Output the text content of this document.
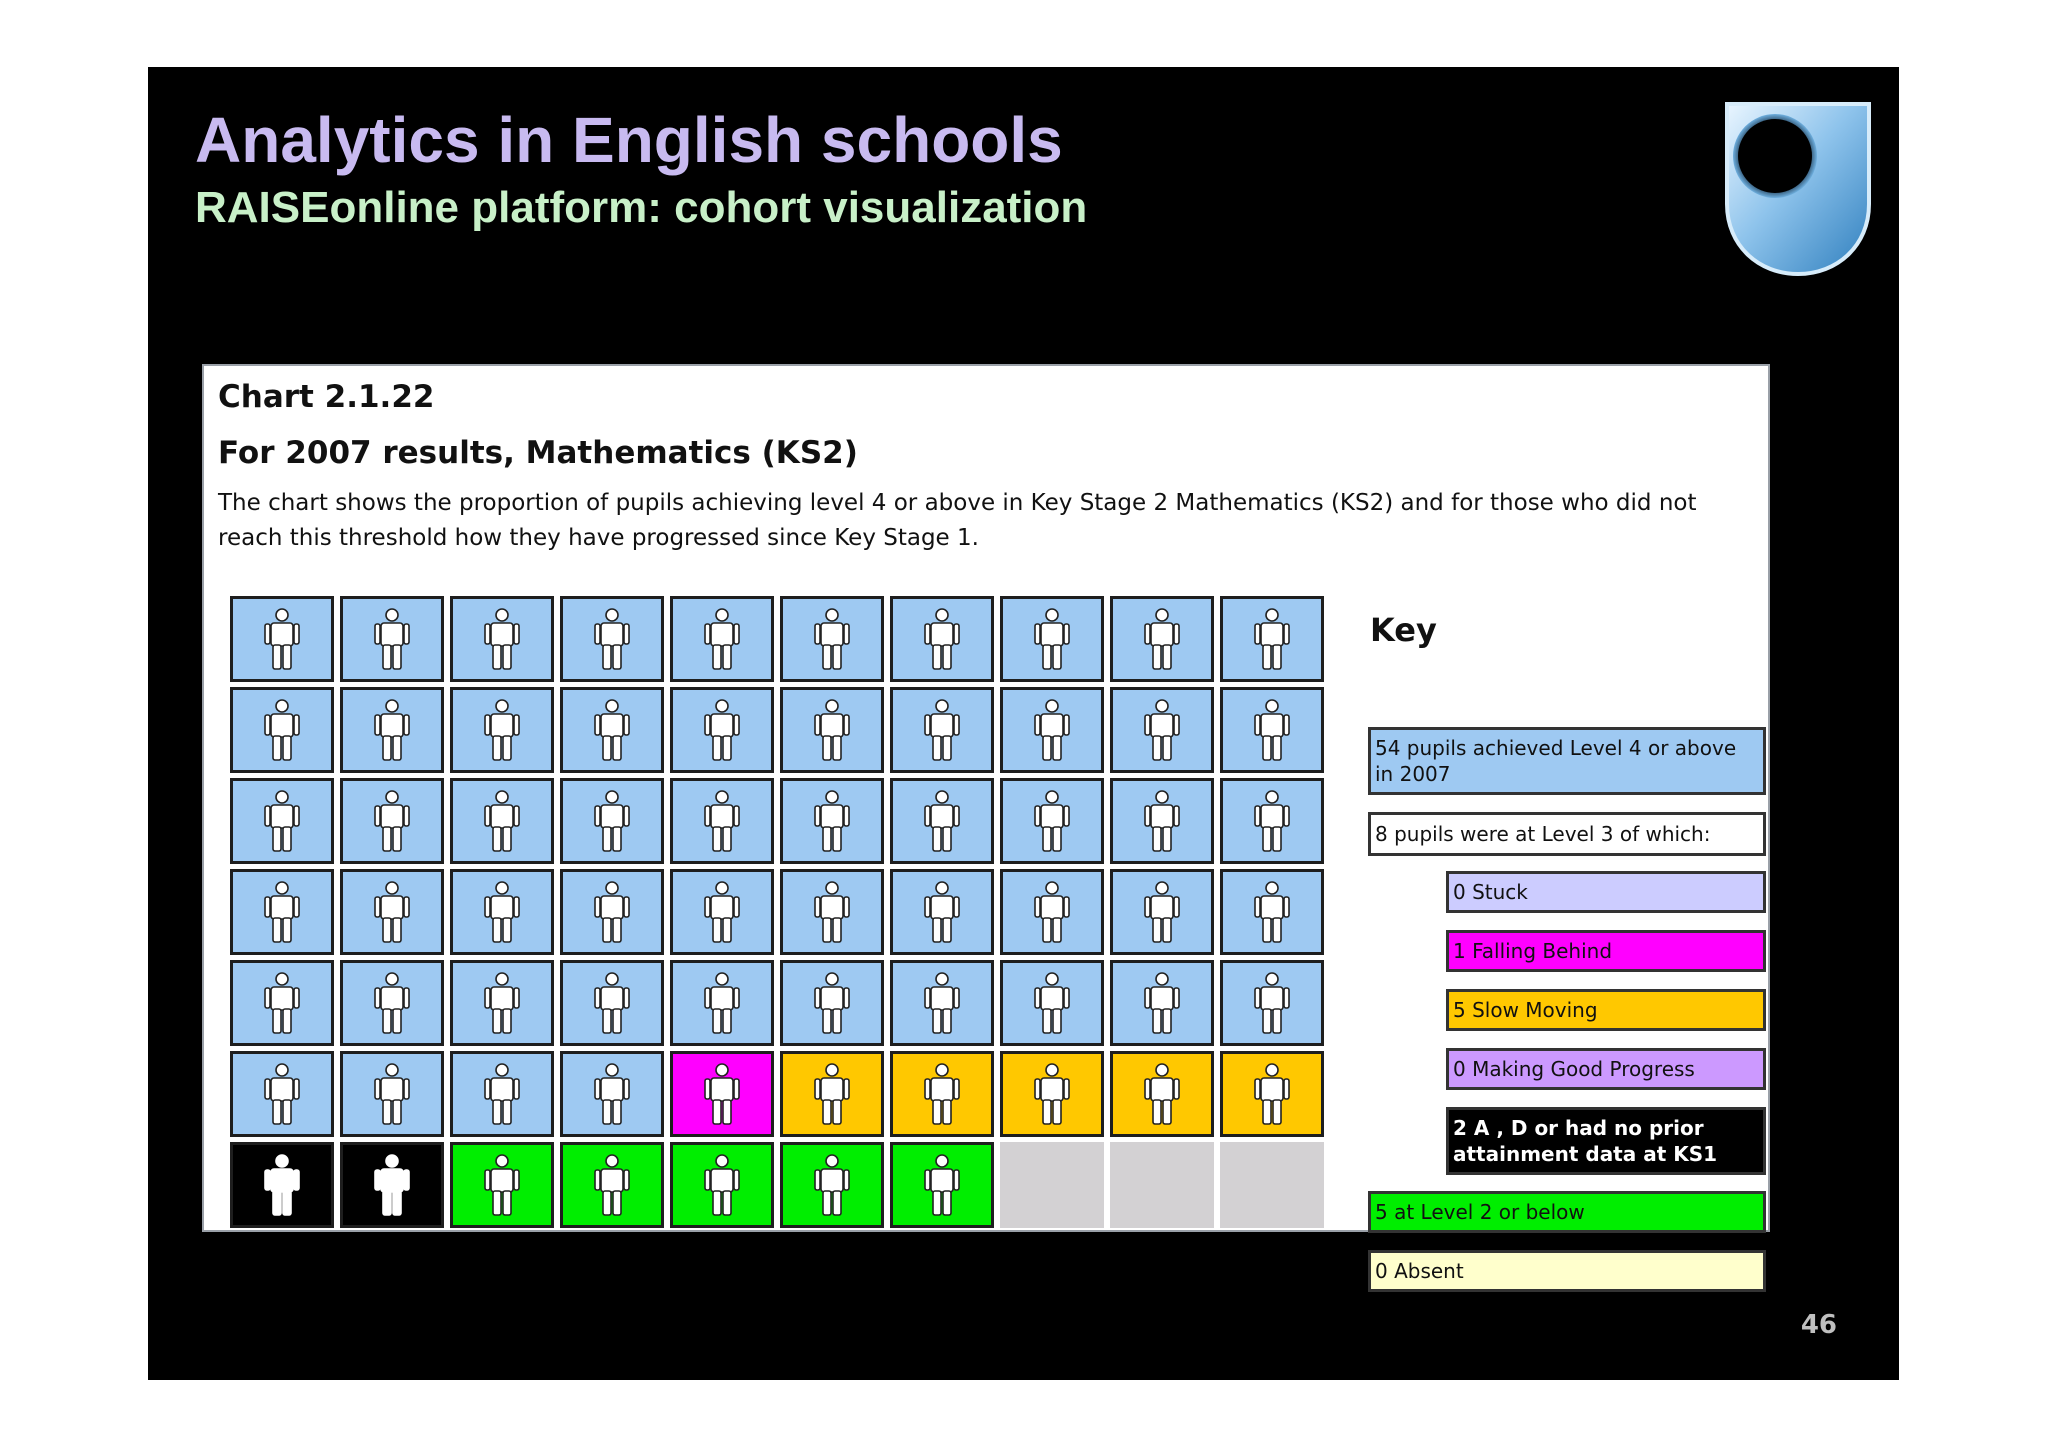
Analytics in English schools
RAISEonline platform: cohort visualization
Chart 2.1.22
For 2007 results, Mathematics (KS2)

The chart shows the proportion of pupils achieving level 4 or above in Key Stage 2 Mathematics (KS2) and for those who did not reach this threshold how they have progressed since Key Stage 1.

Key
54 pupils achieved Level 4 or above in 2007
8 pupils were at Level 3 of which:
0 Stuck
1 Falling Behind
5 Slow Moving
0 Making Good Progress
2 A , D or had no prior attainment data at KS1
5 at Level 2 or below
0 Absent
46
